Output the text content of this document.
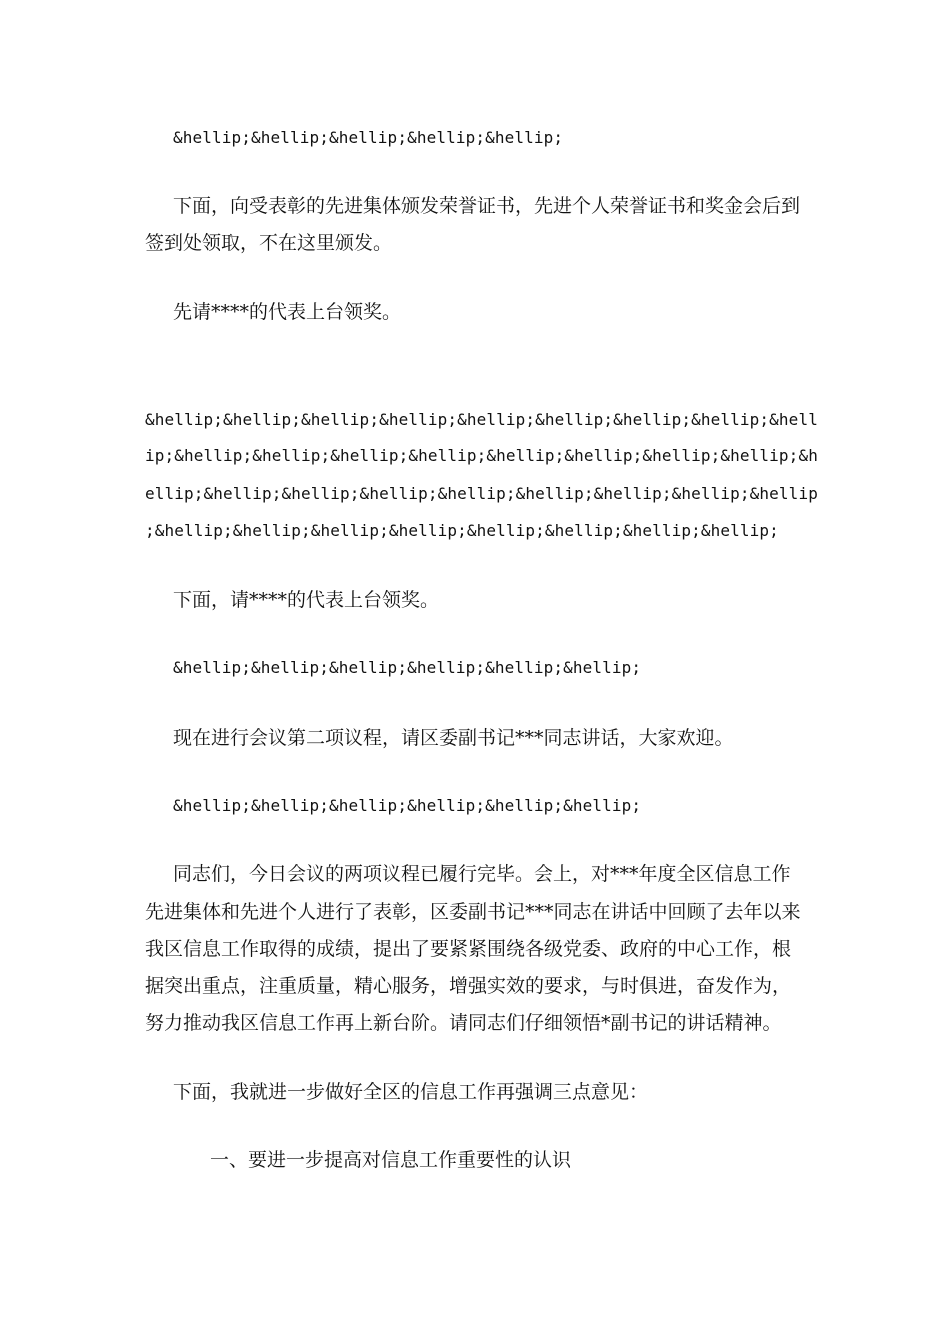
&hellip;&hellip;&hellip;&hellip;&hellip;
下面，向受表彰的先进集体颁发荣誉证书，先进个人荣誉证书和奖金会后到
签到处领取，不在这里颁发。
先请****的代表上台领奖。
&hellip;&hellip;&hellip;&hellip;&hellip;&hellip;&hellip;&hellip;&hell
ip;&hellip;&hellip;&hellip;&hellip;&hellip;&hellip;&hellip;&hellip;&h
ellip;&hellip;&hellip;&hellip;&hellip;&hellip;&hellip;&hellip;&hellip
;&hellip;&hellip;&hellip;&hellip;&hellip;&hellip;&hellip;&hellip;
下面，请****的代表上台领奖。
&hellip;&hellip;&hellip;&hellip;&hellip;&hellip;
现在进行会议第二项议程，请区委副书记***同志讲话，大家欢迎。
&hellip;&hellip;&hellip;&hellip;&hellip;&hellip;
同志们，今日会议的两项议程已履行完毕。会上，对***年度全区信息工作
先进集体和先进个人进行了表彰，区委副书记***同志在讲话中回顾了去年以来
我区信息工作取得的成绩，提出了要紧紧围绕各级党委、政府的中心工作，根
据突出重点，注重质量，精心服务，增强实效的要求，与时俱进，奋发作为，
努力推动我区信息工作再上新台阶。请同志们仔细领悟*副书记的讲话精神。
下面，我就进一步做好全区的信息工作再强调三点意见：
一、要进一步提高对信息工作重要性的认识
